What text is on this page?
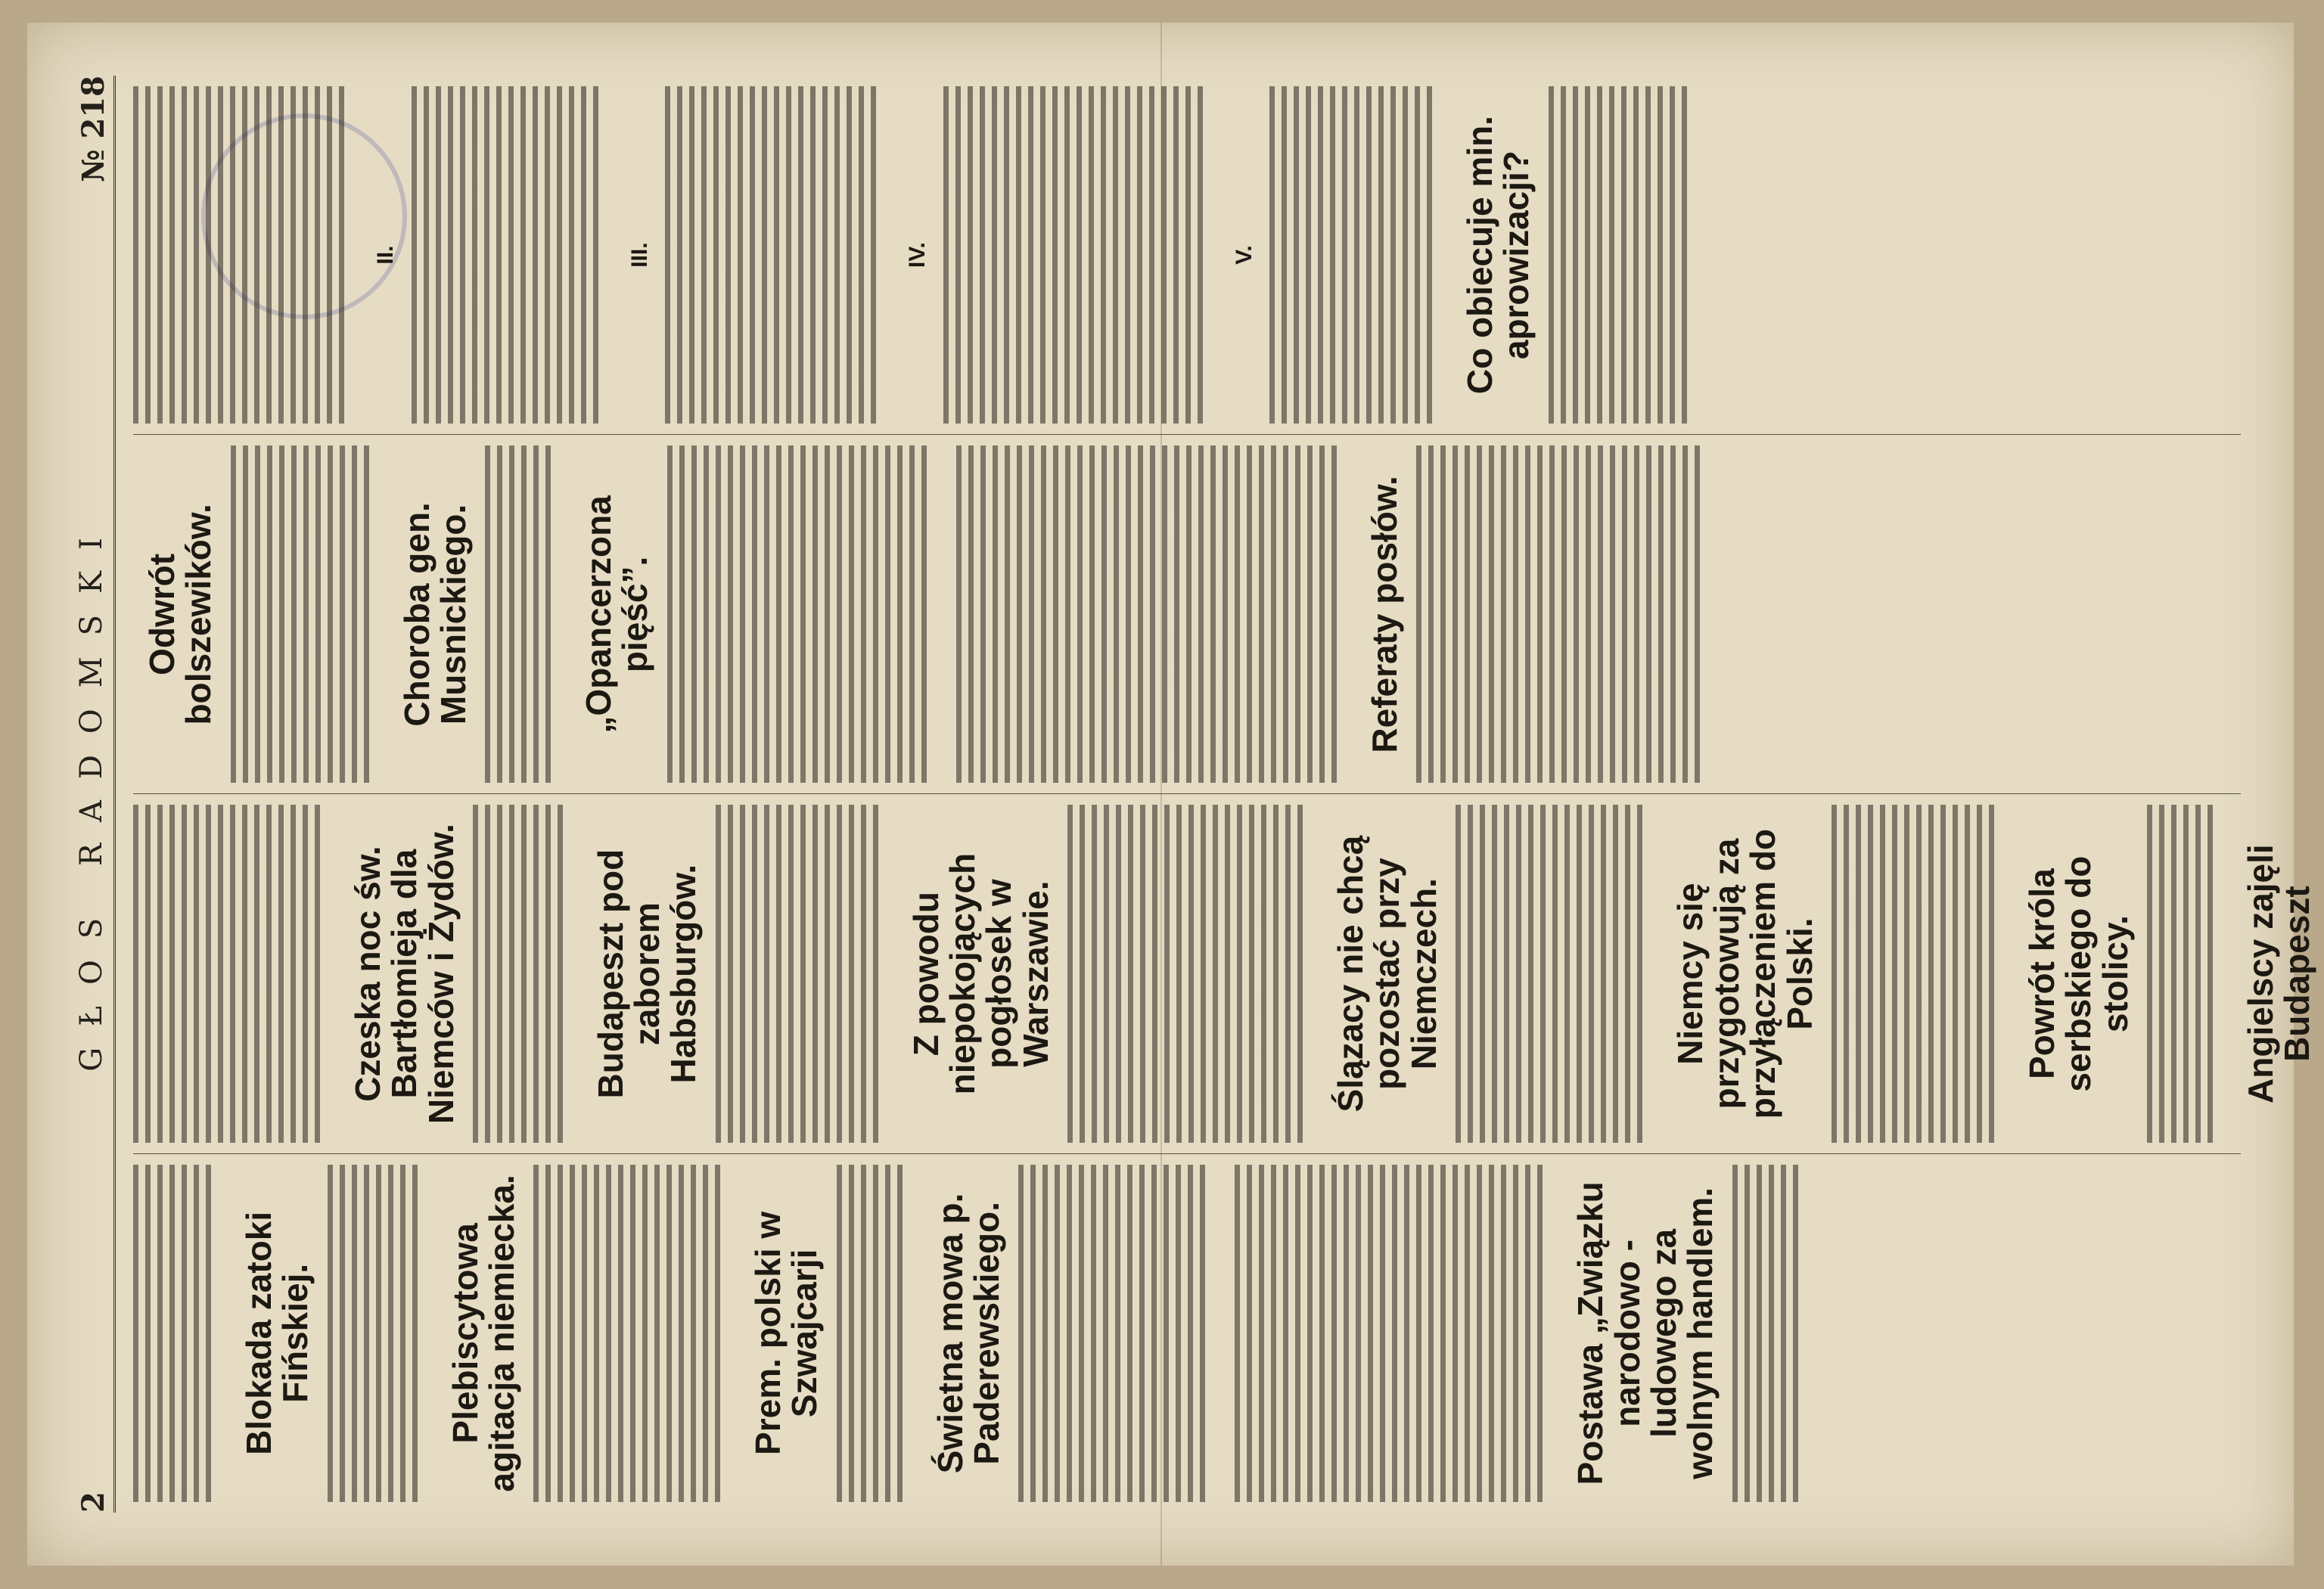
2
GŁOS RADOMSKI
№ 218
Blokada zatoki Fińskiej.	Plebiscytowa agitacja niemiecka.	Prem. polski w Szwajcarji	Świetna mowa p. Paderewskiego.	Postawa „Związku narodowo - ludowego za wolnym handlem.
Czeska noc św. Bartłomieja dla Niemców i Żydów.	Budapeszt pod zaborem Habsburgów.	Z powodu niepokojących pogłosek w Warszawie.	Ślązacy nie chcą pozostać przy Niemczech.	Niemcy się przygotowują za przyłączeniem do Polski.	Powrót króla serbskiego do stolicy.	Angielscy zajęli Budapeszt
Odwrót bolszewików.	Choroba gen. Musnickiego.	„Opancerzona pięść”.	Referaty posłów.
II.	III.	IV.	V.	Co obiecuje min. aprowizacji?
